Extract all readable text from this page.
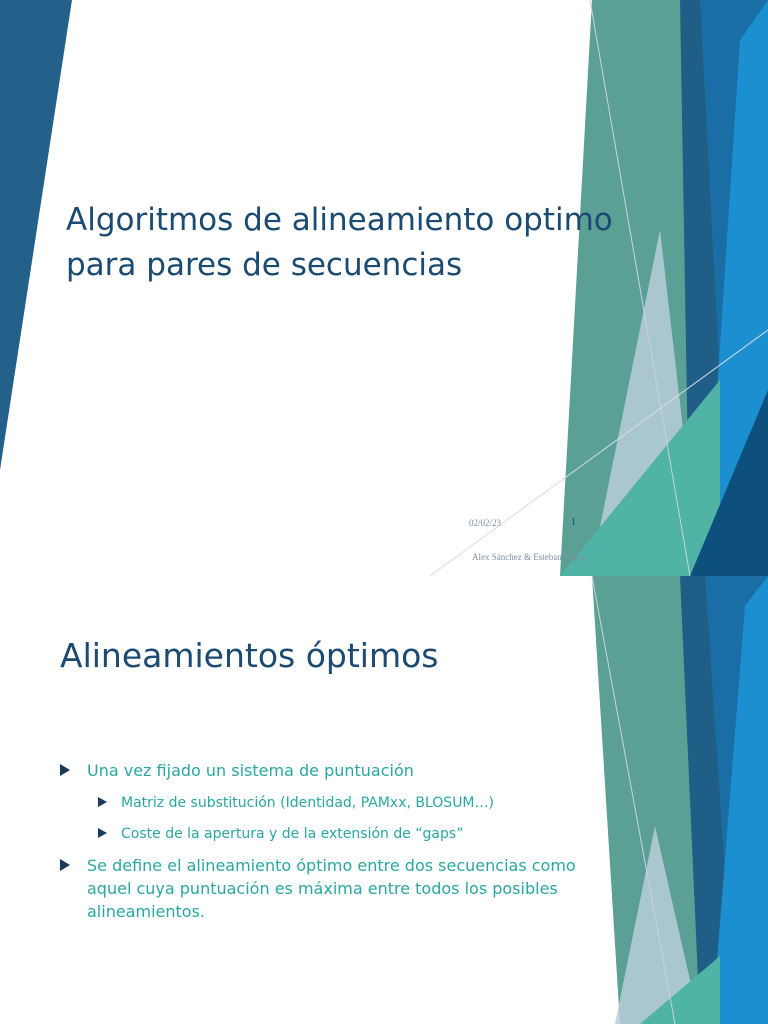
Algoritmos de alineamiento optimo
para pares de secuencias
02/02/23	1
Alex Sánchez & Esteban Vegas
Alineamientos óptimos
Una vez fijado un sistema de puntuación
Matriz de substitución (Identidad, PAMxx, BLOSUM…)
Coste de la apertura y de la extensión de “gaps”
Se define el alineamiento óptimo entre dos secuencias como aquel cuya puntuación es máxima entre todos los posibles alineamientos.
